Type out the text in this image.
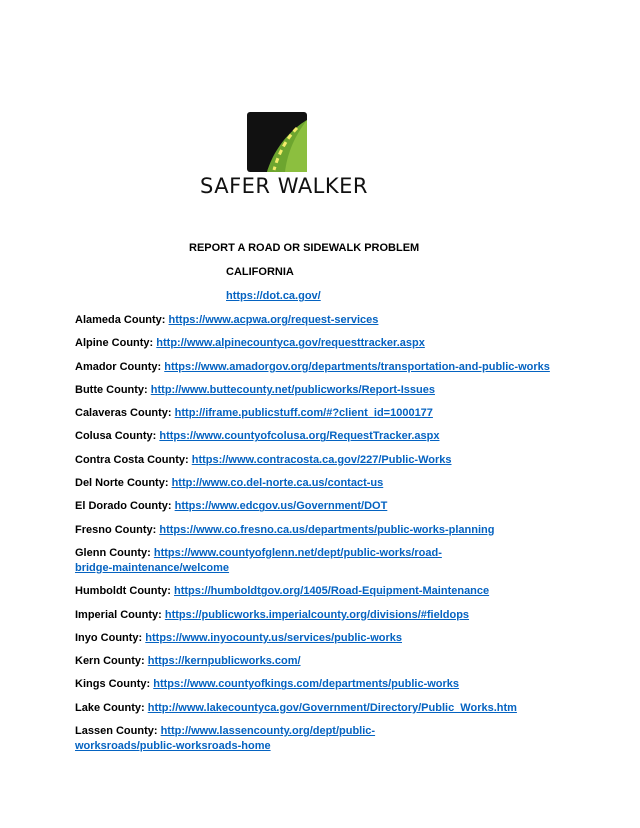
SAFER WALKER
REPORT A ROAD OR SIDEWALK PROBLEM
CALIFORNIA
https://dot.ca.gov/
Alameda County: https://www.acpwa.org/request-services
Alpine County: http://www.alpinecountyca.gov/requesttracker.aspx
Amador County: https://www.amadorgov.org/departments/transportation-and-public-works
Butte County: http://www.buttecounty.net/publicworks/Report-Issues
Calaveras County: http://iframe.publicstuff.com/#?client_id=1000177
Colusa County: https://www.countyofcolusa.org/RequestTracker.aspx
Contra Costa County: https://www.contracosta.ca.gov/227/Public-Works
Del Norte County: http://www.co.del-norte.ca.us/contact-us
El Dorado County: https://www.edcgov.us/Government/DOT
Fresno County: https://www.co.fresno.ca.us/departments/public-works-planning
Glenn County: https://www.countyofglenn.net/dept/public-works/road-bridge-maintenance/welcome
Humboldt County: https://humboldtgov.org/1405/Road-Equipment-Maintenance
Imperial County: https://publicworks.imperialcounty.org/divisions/#fieldops
Inyo County: https://www.inyocounty.us/services/public-works
Kern County: https://kernpublicworks.com/
Kings County: https://www.countyofkings.com/departments/public-works
Lake County: http://www.lakecountyca.gov/Government/Directory/Public_Works.htm
Lassen County: http://www.lassencounty.org/dept/public-worksroads/public-worksroads-home
